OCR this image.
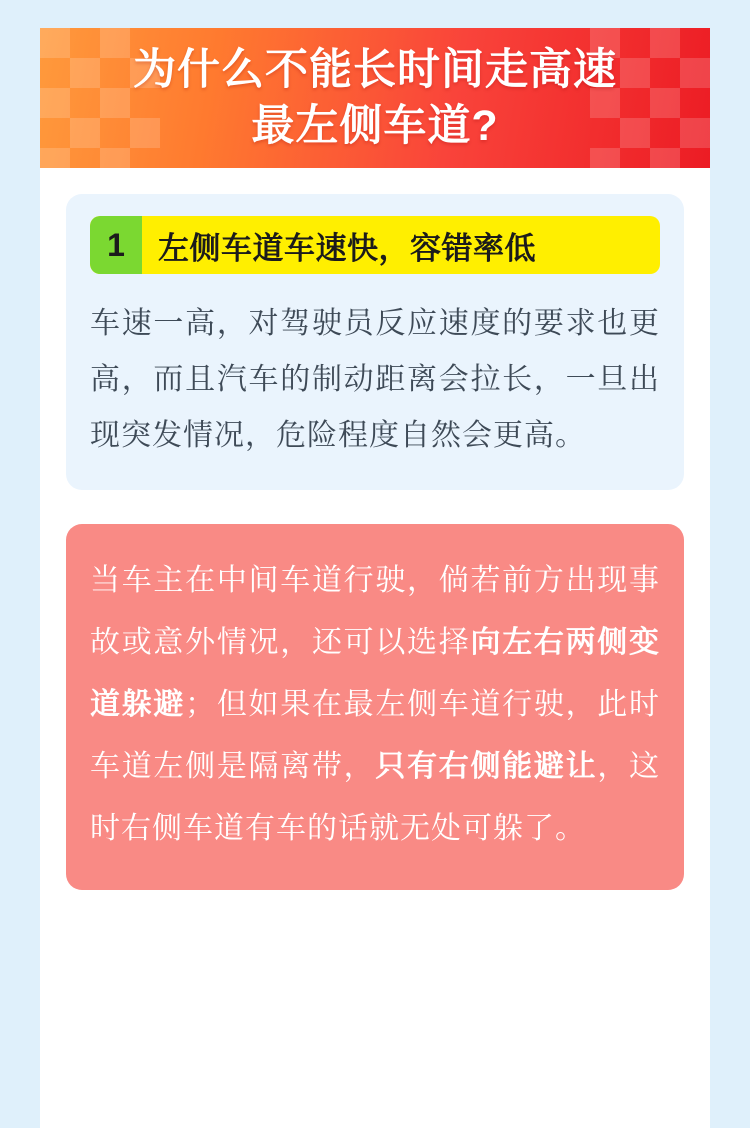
为什么不能长时间走高速
最左侧车道?
1	左侧车道车速快，容错率低
车速一高，对驾驶员反应速度的要求也更高，而且汽车的制动距离会拉长，一旦出现突发情况，危险程度自然会更高。
当车主在中间车道行驶，倘若前方出现事故或意外情况，还可以选择向左右两侧变道躲避；但如果在最左侧车道行驶，此时车道左侧是隔离带，只有右侧能避让，这时右侧车道有车的话就无处可躲了。
